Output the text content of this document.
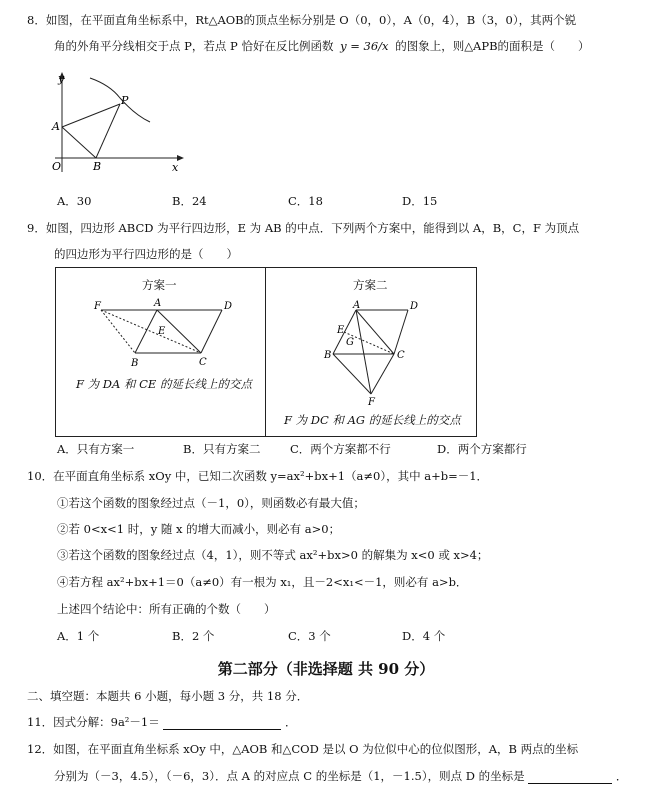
8．如图，在平面直角坐标系中，Rt△AOB的顶点坐标分别是 O（0，0），A（0，4），B（3，0），其两个锐
角的外角平分线相交于点 P，若点 P 恰好在反比例函数 y = 36/x 的图象上，则△APB的面积是（　　）
y
x
O
A
B
P
A．30	B．24	C．18	D．15
9．如图，四边形 ABCD 为平行四边形，E 为 AB 的中点．下列两个方案中，能得到以 A，B，C，F 为顶点
的四边形为平行四边形的是（　　）
方案一
F	A	D
E
B	C
F 为 DA 和 CE 的延长线上的交点
方案二
A	D
E
G
B	C
F
F 为 DC 和 AG 的延长线上的交点
A．只有方案一	B．只有方案二	C．两个方案都不行	D．两个方案都行
10．在平面直角坐标系 xOy 中，已知二次函数 y=ax²+bx+1（a≠0），其中 a+b=－1．
①若这个函数的图象经过点（－1，0），则函数必有最大值；
②若 0<x<1 时，y 随 x 的增大而减小，则必有 a>0；
③若这个函数的图象经过点（4，1），则不等式 ax²+bx>0 的解集为 x<0 或 x>4；
④若方程 ax²+bx+1＝0（a≠0）有一根为 x₁，且－2<x₁<－1，则必有 a>b．
上述四个结论中：所有正确的个数（　　）
A．1 个	B．2 个	C．3 个	D．4 个
第二部分（非选择题 共 90 分）
二、填空题：本题共 6 小题，每小题 3 分，共 18 分．
11．因式分解：9a²－1＝	．
12．如图，在平面直角坐标系 xOy 中，△AOB 和△COD 是以 O 为位似中心的位似图形，A，B 两点的坐标
分别为（－3，4.5），（－6，3）．点 A 的对应点 C 的坐标是（1，－1.5），则点 D 的坐标是	．
